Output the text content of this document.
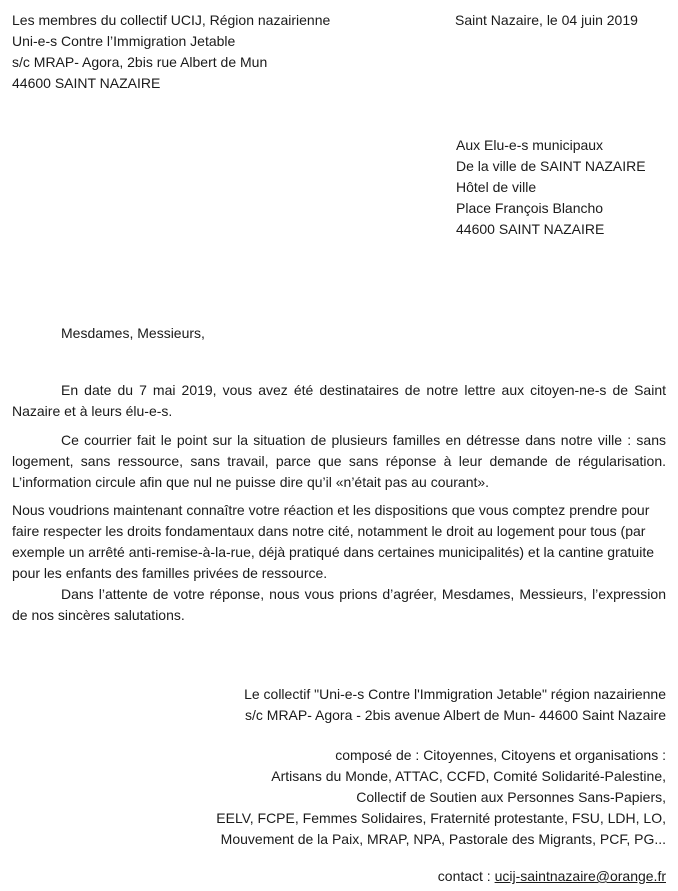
Les membres du collectif UCIJ, Région nazairienne
Uni-e-s Contre l’Immigration Jetable
s/c MRAP- Agora, 2bis rue Albert de Mun
44600 SAINT NAZAIRE
Saint Nazaire, le 04 juin 2019
Aux Elu-e-s municipaux
De la ville de SAINT NAZAIRE
Hôtel de ville
Place François Blancho
44600 SAINT NAZAIRE
Mesdames, Messieurs,

En date du 7 mai 2019, vous avez été destinataires de notre lettre aux citoyen-ne-s de Saint Nazaire et à leurs élu-e-s.

Ce courrier fait le point sur la situation de plusieurs familles en détresse dans notre ville : sans logement, sans ressource, sans travail, parce que sans réponse à leur demande de régularisation. L’information circule afin que nul ne puisse dire qu’il «n’était pas au courant».

Nous voudrions maintenant connaître votre réaction et les dispositions que vous comptez prendre pour faire respecter les droits fondamentaux dans notre cité, notamment le droit au logement pour tous (par exemple un arrêté anti-remise-à-la-rue, déjà pratiqué dans certaines municipalités) et la cantine gratuite pour les enfants des familles privées de ressource.

Dans l’attente de votre réponse, nous vous prions d’agréer, Mesdames, Messieurs, l’expression de nos sincères salutations.

Le collectif "Uni-e-s Contre l'Immigration Jetable" région nazairienne
s/c MRAP- Agora - 2bis avenue Albert de Mun- 44600 Saint Nazaire
composé de : Citoyennes, Citoyens et organisations :
Artisans du Monde, ATTAC, CCFD, Comité Solidarité-Palestine,
Collectif de Soutien aux Personnes Sans-Papiers,
EELV, FCPE, Femmes Solidaires, Fraternité protestante, FSU, LDH, LO,
Mouvement de la Paix, MRAP, NPA, Pastorale des Migrants, PCF, PG...
contact : ucij-saintnazaire@orange.fr
